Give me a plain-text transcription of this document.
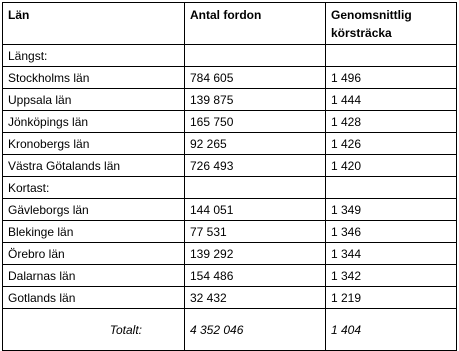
Län	Antal fordon	Genomsnittlig körsträcka
Längst:		
Stockholms län	784 605	1 496
Uppsala län	139 875	1 444
Jönköpings län	165 750	1 428
Kronobergs län	92 265	1 426
Västra Götalands län	726 493	1 420
Kortast:		
Gävleborgs län	144 051	1 349
Blekinge län	77 531	1 346
Örebro län	139 292	1 344
Dalarnas län	154 486	1 342
Gotlands län	32 432	1 219
Totalt:	4 352 046	1 404
